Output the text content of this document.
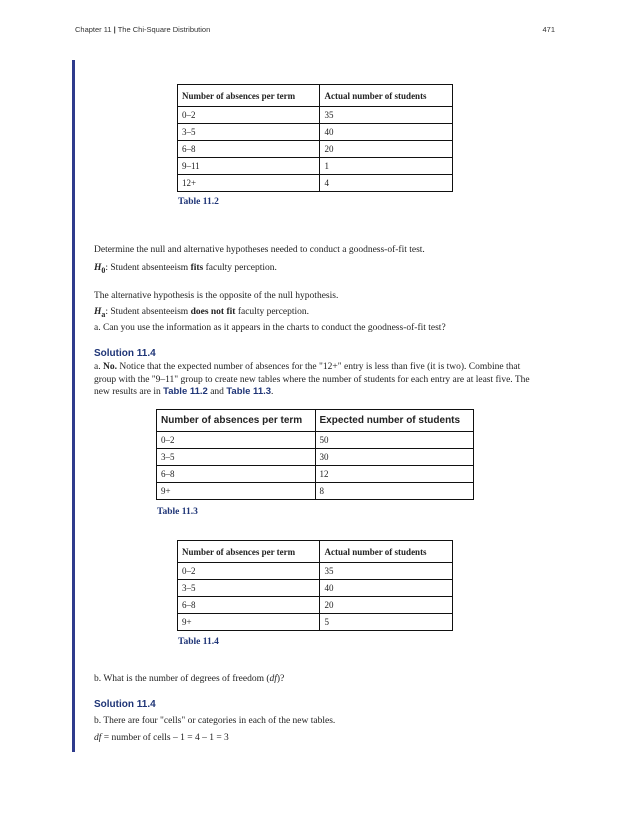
Chapter 11 | The Chi-Square Distribution	471
Number of absences per term	Actual number of students
0–2	35
3–5	40
6–8	20
9–11	1
12+	4
Table 11.2
Determine the null and alternative hypotheses needed to conduct a goodness-of-fit test.
$H_0$: Student absenteeism fits faculty perception.
The alternative hypothesis is the opposite of the null hypothesis.
$H_a$: Student absenteeism does not fit faculty perception.
a. Can you use the information as it appears in the charts to conduct the goodness-of-fit test?
Solution 11.4
a. No. Notice that the expected number of absences for the "12+" entry is less than five (it is two). Combine that group with the "9–11" group to create new tables where the number of students for each entry are at least five. The new results are in Table 11.2 and Table 11.3.
Number of absences per term	Expected number of students
0–2	50
3–5	30
6–8	12
9+	8
Table 11.3
Number of absences per term	Actual number of students
0–2	35
3–5	40
6–8	20
9+	5
Table 11.4
b. What is the number of degrees of freedom (df)?
Solution 11.4
b. There are four "cells" or categories in each of the new tables.
df = number of cells – 1 = 4 – 1 = 3
